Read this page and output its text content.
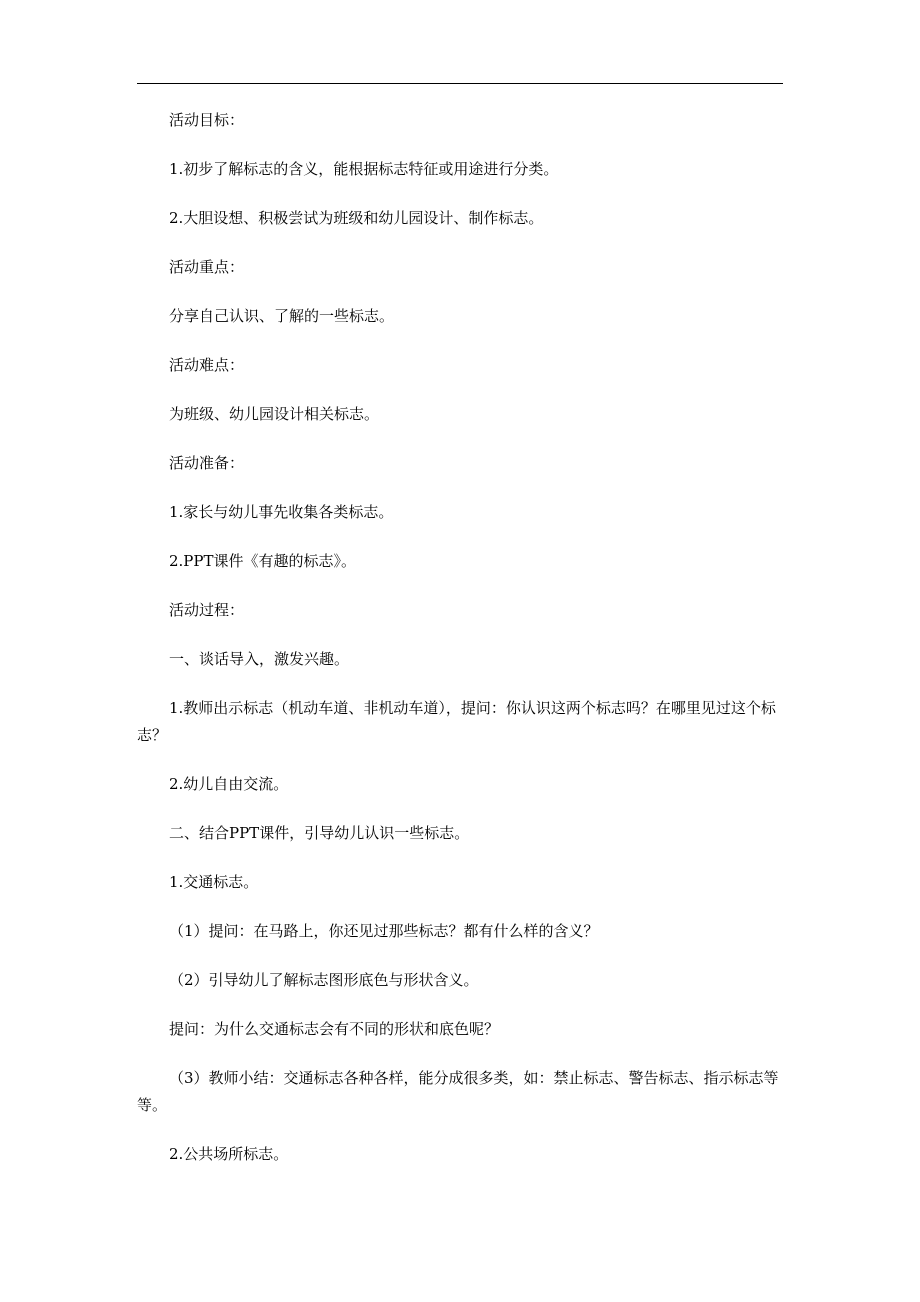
活动目标：

1.初步了解标志的含义，能根据标志特征或用途进行分类。

2.大胆设想、积极尝试为班级和幼儿园设计、制作标志。

活动重点：

分享自己认识、了解的一些标志。

活动难点：

为班级、幼儿园设计相关标志。

活动准备：

1.家长与幼儿事先收集各类标志。

2.PPT课件《有趣的标志》。

活动过程：

一、谈话导入，激发兴趣。

1.教师出示标志（机动车道、非机动车道），提问：你认识这两个标志吗？在哪里见过这个标志？

2.幼儿自由交流。

二、结合PPT课件，引导幼儿认识一些标志。

1.交通标志。

（1）提问：在马路上，你还见过那些标志？都有什么样的含义？

（2）引导幼儿了解标志图形底色与形状含义。

提问：为什么交通标志会有不同的形状和底色呢？

（3）教师小结：交通标志各种各样，能分成很多类，如：禁止标志、警告标志、指示标志等等。

2.公共场所标志。
